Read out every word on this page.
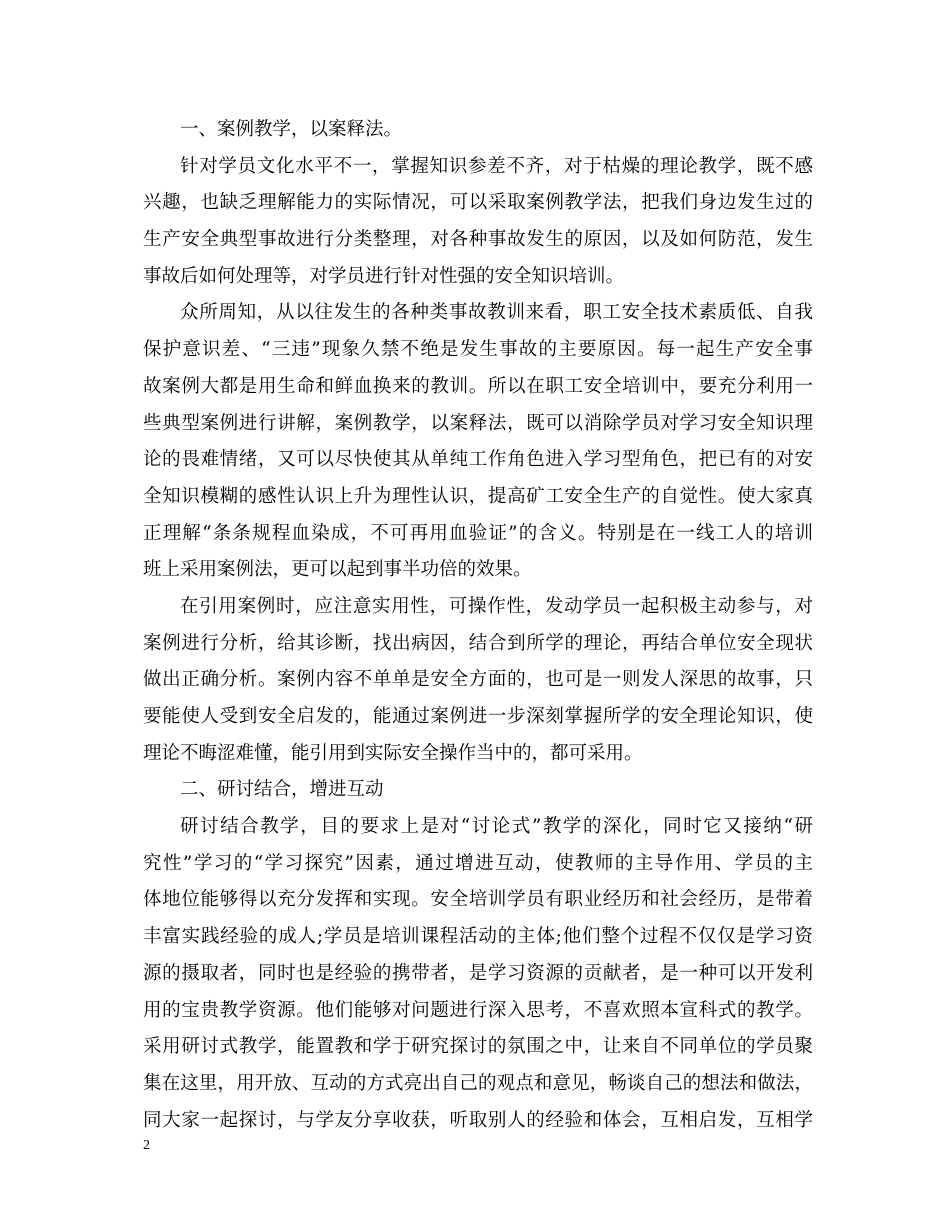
一、案例教学，以案释法。
针对学员文化水平不一，掌握知识参差不齐，对于枯燥的理论教学，既不感
兴趣，也缺乏理解能力的实际情况，可以采取案例教学法，把我们身边发生过的
生产安全典型事故进行分类整理，对各种事故发生的原因，以及如何防范，发生
事故后如何处理等，对学员进行针对性强的安全知识培训。
众所周知，从以往发生的各种类事故教训来看，职工安全技术素质低、自我
保护意识差、“三违”现象久禁不绝是发生事故的主要原因。每一起生产安全事
故案例大都是用生命和鲜血换来的教训。所以在职工安全培训中，要充分利用一
些典型案例进行讲解，案例教学，以案释法，既可以消除学员对学习安全知识理
论的畏难情绪，又可以尽快使其从单纯工作角色进入学习型角色，把已有的对安
全知识模糊的感性认识上升为理性认识，提高矿工安全生产的自觉性。使大家真
正理解“条条规程血染成，不可再用血验证”的含义。特别是在一线工人的培训
班上采用案例法，更可以起到事半功倍的效果。
在引用案例时，应注意实用性，可操作性，发动学员一起积极主动参与，对
案例进行分析，给其诊断，找出病因，结合到所学的理论，再结合单位安全现状
做出正确分析。案例内容不单单是安全方面的，也可是一则发人深思的故事，只
要能使人受到安全启发的，能通过案例进一步深刻掌握所学的安全理论知识，使
理论不晦涩难懂，能引用到实际安全操作当中的，都可采用。
二、研讨结合，增进互动
研讨结合教学，目的要求上是对“讨论式”教学的深化，同时它又接纳“研
究性”学习的“学习探究”因素，通过增进互动，使教师的主导作用、学员的主
体地位能够得以充分发挥和实现。安全培训学员有职业经历和社会经历，是带着
丰富实践经验的成人;学员是培训课程活动的主体;他们整个过程不仅仅是学习资
源的摄取者，同时也是经验的携带者，是学习资源的贡献者，是一种可以开发利
用的宝贵教学资源。他们能够对问题进行深入思考，不喜欢照本宣科式的教学。
采用研讨式教学，能置教和学于研究探讨的氛围之中，让来自不同单位的学员聚
集在这里，用开放、互动的方式亮出自己的观点和意见，畅谈自己的想法和做法，
同大家一起探讨，与学友分享收获，听取别人的经验和体会，互相启发，互相学
2
